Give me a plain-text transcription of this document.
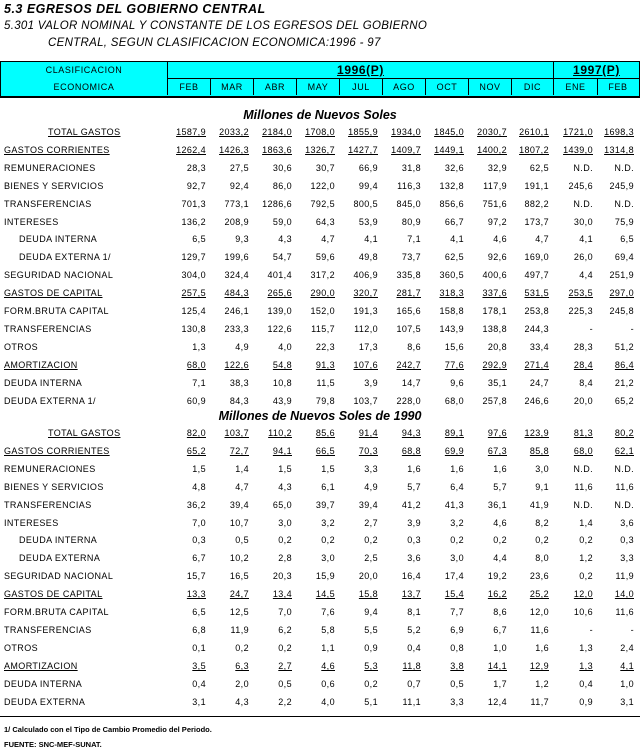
5.3 EGRESOS DEL GOBIERNO CENTRAL
5.301 VALOR NOMINAL Y CONSTANTE DE LOS EGRESOS DEL GOBIERNO
CENTRAL, SEGUN CLASIFICACION ECONOMICA:1996 - 97
CLASIFICACION
ECONOMICA
1996(P)	1997(P)
FEB	MAR	ABR	MAY	JUL	AGO	OCT	NOV	DIC	ENE	FEB
Millones de Nuevos Soles
TOTAL GASTOS	1587,9	2033,2	2184,0	1708,0	1855,9	1934,0	1845,0	2030,7	2610,1	1721,0	1698,3
GASTOS CORRIENTES	1262,4	1426,3	1863,6	1326,7	1427,7	1409,7	1449,1	1400,2	1807,2	1439,0	1314,8
REMUNERACIONES	28,3	27,5	30,6	30,7	66,9	31,8	32,6	32,9	62,5	N.D.	N.D.
BIENES Y SERVICIOS	92,7	92,4	86,0	122,0	99,4	116,3	132,8	117,9	191,1	245,6	245,9
TRANSFERENCIAS	701,3	773,1	1286,6	792,5	800,5	845,0	856,6	751,6	882,2	N.D.	N.D.
INTERESES	136,2	208,9	59,0	64,3	53,9	80,9	66,7	97,2	173,7	30,0	75,9
DEUDA INTERNA	6,5	9,3	4,3	4,7	4,1	7,1	4,1	4,6	4,7	4,1	6,5
DEUDA EXTERNA 1/	129,7	199,6	54,7	59,6	49,8	73,7	62,5	92,6	169,0	26,0	69,4
SEGURIDAD NACIONAL	304,0	324,4	401,4	317,2	406,9	335,8	360,5	400,6	497,7	4,4	251,9
GASTOS DE CAPITAL	257,5	484,3	265,6	290,0	320,7	281,7	318,3	337,6	531,5	253,5	297,0
FORM.BRUTA CAPITAL	125,4	246,1	139,0	152,0	191,3	165,6	158,8	178,1	253,8	225,3	245,8
TRANSFERENCIAS	130,8	233,3	122,6	115,7	112,0	107,5	143,9	138,8	244,3	-	-
OTROS	1,3	4,9	4,0	22,3	17,3	8,6	15,6	20,8	33,4	28,3	51,2
AMORTIZACION	68,0	122,6	54,8	91,3	107,6	242,7	77,6	292,9	271,4	28,4	86,4
DEUDA INTERNA	7,1	38,3	10,8	11,5	3,9	14,7	9,6	35,1	24,7	8,4	21,2
DEUDA EXTERNA 1/	60,9	84,3	43,9	79,8	103,7	228,0	68,0	257,8	246,6	20,0	65,2
Millones de Nuevos Soles de 1990
TOTAL GASTOS	82,0	103,7	110,2	85,6	91,4	94,3	89,1	97,6	123,9	81,3	80,2
GASTOS CORRIENTES	65,2	72,7	94,1	66,5	70,3	68,8	69,9	67,3	85,8	68,0	62,1
REMUNERACIONES	1,5	1,4	1,5	1,5	3,3	1,6	1,6	1,6	3,0	N.D.	N.D.
BIENES Y SERVICIOS	4,8	4,7	4,3	6,1	4,9	5,7	6,4	5,7	9,1	11,6	11,6
TRANSFERENCIAS	36,2	39,4	65,0	39,7	39,4	41,2	41,3	36,1	41,9	N.D.	N.D.
INTERESES	7,0	10,7	3,0	3,2	2,7	3,9	3,2	4,6	8,2	1,4	3,6
DEUDA INTERNA	0,3	0,5	0,2	0,2	0,2	0,3	0,2	0,2	0,2	0,2	0,3
DEUDA EXTERNA	6,7	10,2	2,8	3,0	2,5	3,6	3,0	4,4	8,0	1,2	3,3
SEGURIDAD NACIONAL	15,7	16,5	20,3	15,9	20,0	16,4	17,4	19,2	23,6	0,2	11,9
GASTOS DE CAPITAL	13,3	24,7	13,4	14,5	15,8	13,7	15,4	16,2	25,2	12,0	14,0
FORM.BRUTA CAPITAL	6,5	12,5	7,0	7,6	9,4	8,1	7,7	8,6	12,0	10,6	11,6
TRANSFERENCIAS	6,8	11,9	6,2	5,8	5,5	5,2	6,9	6,7	11,6	-	-
OTROS	0,1	0,2	0,2	1,1	0,9	0,4	0,8	1,0	1,6	1,3	2,4
AMORTIZACION	3,5	6,3	2,7	4,6	5,3	11,8	3,8	14,1	12,9	1,3	4,1
DEUDA INTERNA	0,4	2,0	0,5	0,6	0,2	0,7	0,5	1,7	1,2	0,4	1,0
DEUDA EXTERNA	3,1	4,3	2,2	4,0	5,1	11,1	3,3	12,4	11,7	0,9	3,1
1/ Calculado con el Tipo de Cambio Promedio del Periodo.
FUENTE: SNC-MEF-SUNAT.
